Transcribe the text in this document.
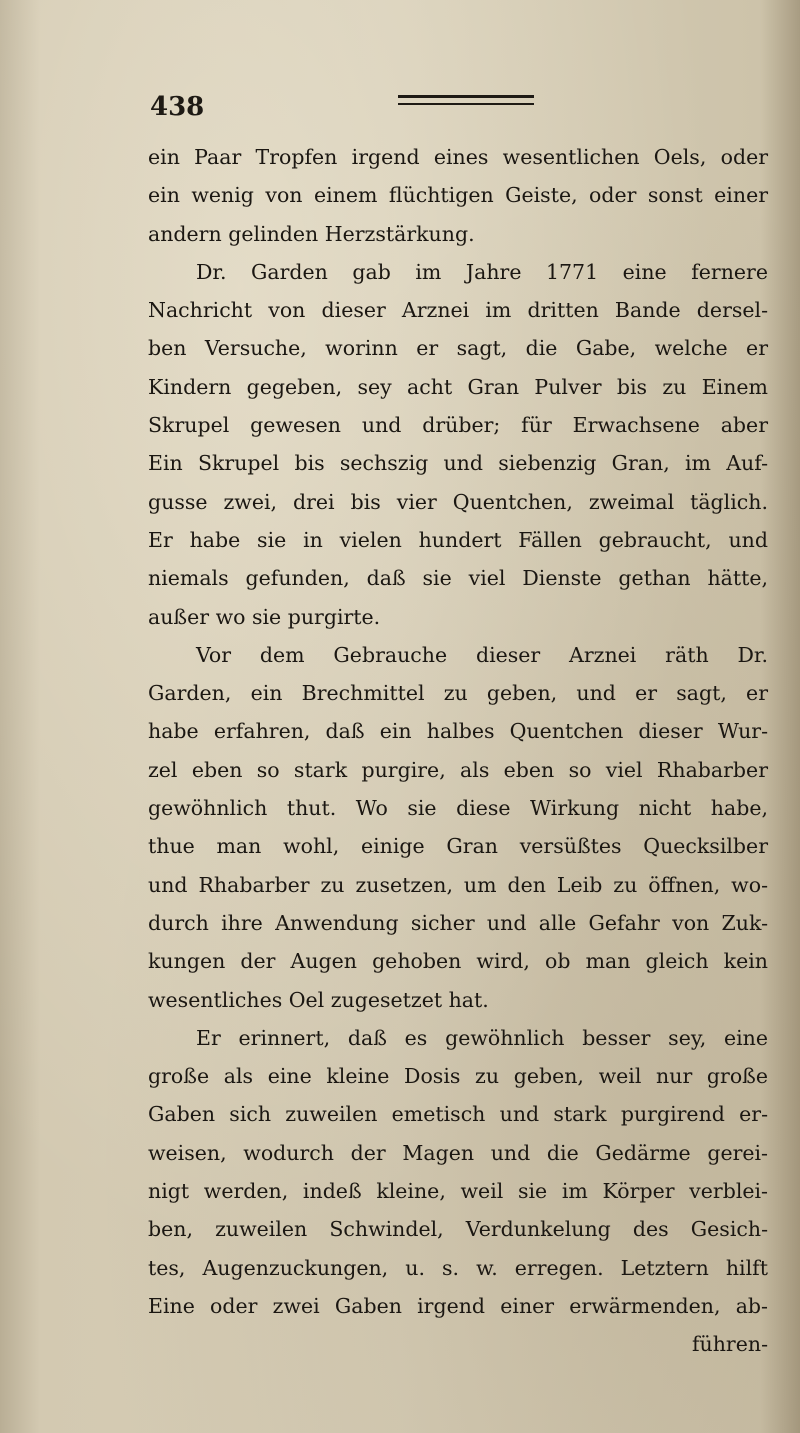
438
ein Paar Tropfen irgend eines wesentlichen Oels, oder
ein wenig von einem flüchtigen Geiste, oder sonst einer
andern gelinden Herzstärkung.
Dr. Garden gab im Jahre 1771 eine fernere
Nachricht von dieser Arznei im dritten Bande dersel-
ben Versuche, worinn er sagt, die Gabe, welche er
Kindern gegeben, sey acht Gran Pulver bis zu Einem
Skrupel gewesen und drüber; für Erwachsene aber
Ein Skrupel bis sechszig und siebenzig Gran, im Auf-
gusse zwei, drei bis vier Quentchen, zweimal täglich.
Er habe sie in vielen hundert Fällen gebraucht, und
niemals gefunden, daß sie viel Dienste gethan hätte,
außer wo sie purgirte.
Vor dem Gebrauche dieser Arznei räth Dr.
Garden, ein Brechmittel zu geben, und er sagt, er
habe erfahren, daß ein halbes Quentchen dieser Wur-
zel eben so stark purgire, als eben so viel Rhabarber
gewöhnlich thut. Wo sie diese Wirkung nicht habe,
thue man wohl, einige Gran versüßtes Quecksilber
und Rhabarber zu zusetzen, um den Leib zu öffnen, wo-
durch ihre Anwendung sicher und alle Gefahr von Zuk-
kungen der Augen gehoben wird, ob man gleich kein
wesentliches Oel zugesetzet hat.
Er erinnert, daß es gewöhnlich besser sey, eine
große als eine kleine Dosis zu geben, weil nur große
Gaben sich zuweilen emetisch und stark purgirend er-
weisen, wodurch der Magen und die Gedärme gerei-
nigt werden, indeß kleine, weil sie im Körper verblei-
ben, zuweilen Schwindel, Verdunkelung des Gesich-
tes, Augenzuckungen, u. s. w. erregen. Letztern hilft
Eine oder zwei Gaben irgend einer erwärmenden, ab-
führen-
